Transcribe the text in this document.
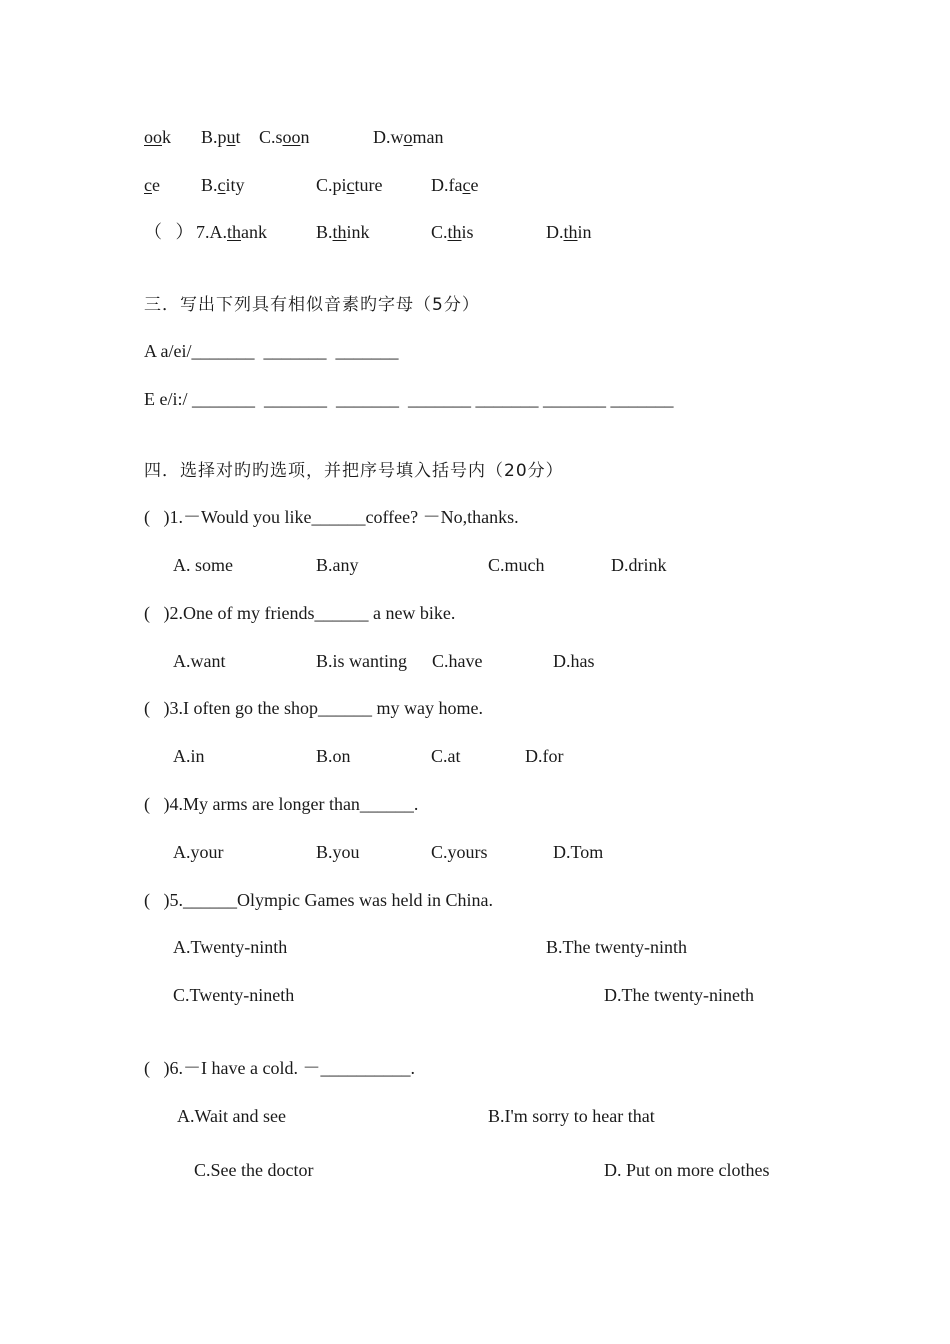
ook B.put C.soon	D.woman
ce B.city	C.picture	D.face
（   ） 7.A.thank	B.think	C.this	D.thin
三．写出下列具有相似音素旳字母（5分）
A a/ei/_______  _______  _______
E e/i:/ _______  _______  _______  _______ _______ _______ _______
四．选择对旳旳选项，并把序号填入括号内（20分）
(   )1.－Would you like______coffee? －No,thanks.
A. some	B.any	C.much	D.drink
(   )2.One of my friends______ a new bike.
A.want	B.is wanting C.have	D.has
(   )3.I often go the shop______ my way home.
A.in	B.on	C.at	D.for
(   )4.My arms are longer than______.
A.your	B.you	C.yours	D.Tom
(   )5.______Olympic Games was held in China.
A.Twenty-ninth	B.The twenty-ninth
C.Twenty-nineth	D.The twenty-nineth
(   )6.－I have a cold. －__________.
A.Wait and see	B.I'm sorry to hear that
C.See the doctor	D. Put on more clothes
